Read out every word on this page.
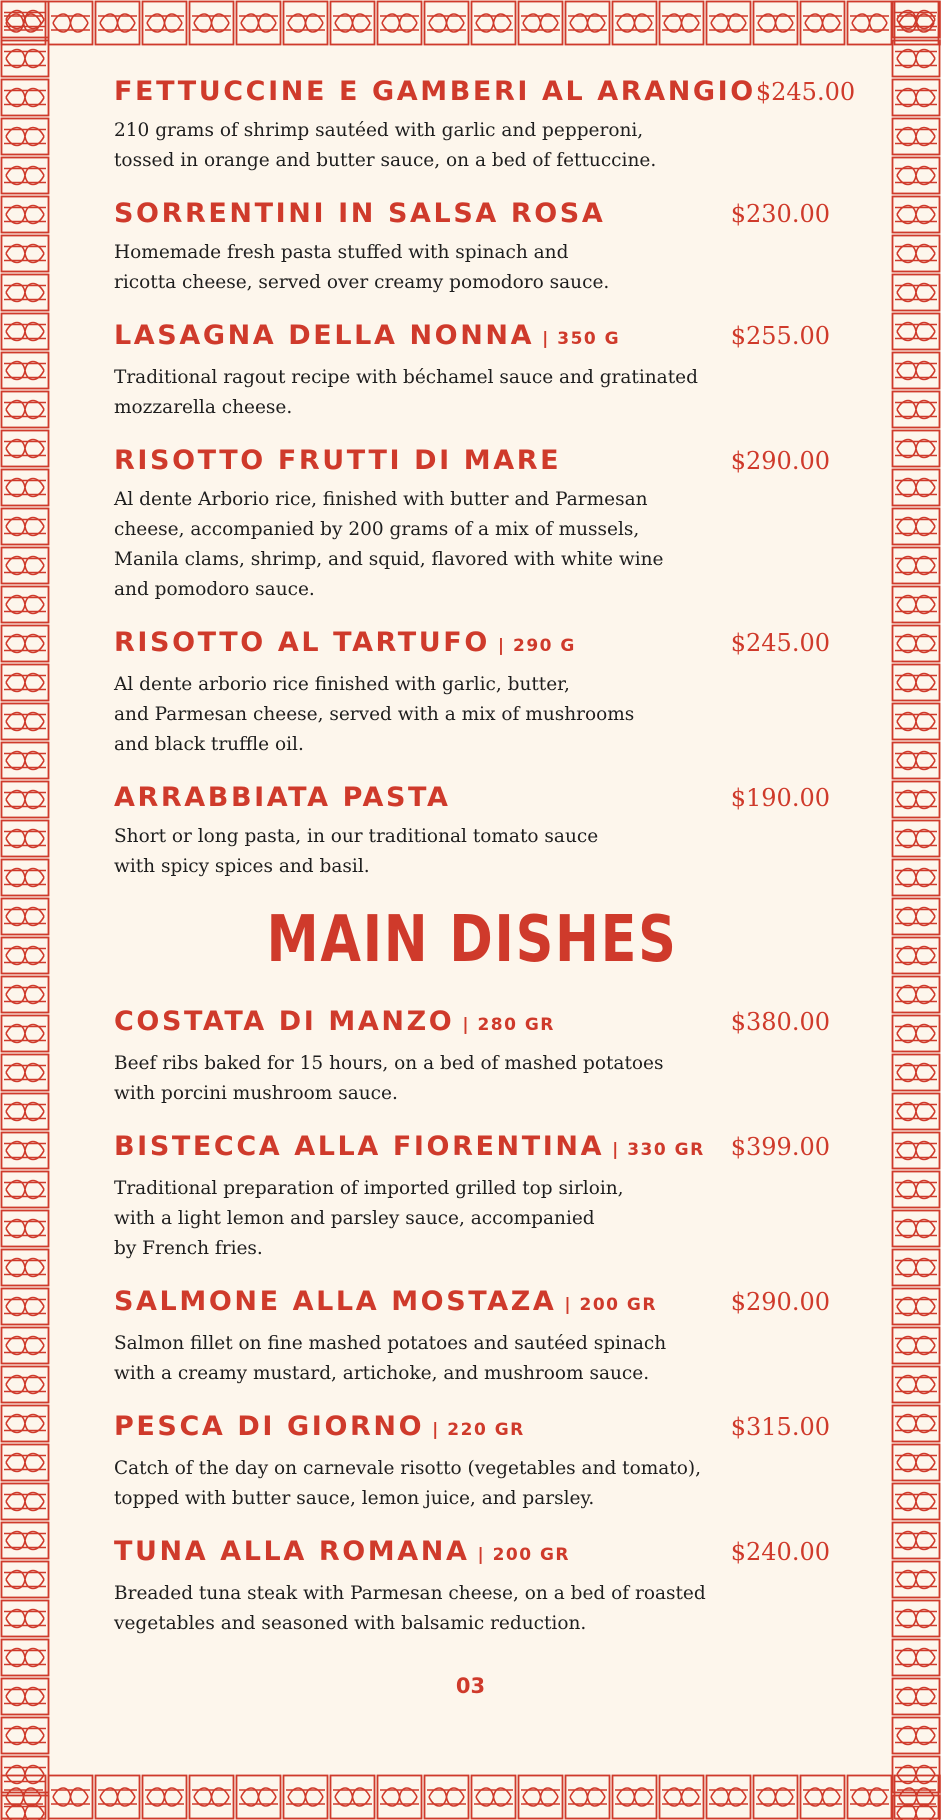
FETTUCCINE E GAMBERI AL ARANGIO $245.00

210 grams of shrimp sautéed with garlic and pepperoni,
tossed in orange and butter sauce, on a bed of fettuccine.

SORRENTINI IN SALSA ROSA	$230.00

Homemade fresh pasta stuffed with spinach and
ricotta cheese, served over creamy pomodoro sauce.

LASAGNA DELLA NONNA | 350 G	$255.00

Traditional ragout recipe with béchamel sauce and gratinated
mozzarella cheese.

RISOTTO FRUTTI DI MARE	$290.00

Al dente Arborio rice, finished with butter and Parmesan
cheese, accompanied by 200 grams of a mix of mussels,
Manila clams, shrimp, and squid, flavored with white wine
and pomodoro sauce.

RISOTTO AL TARTUFO | 290 G	$245.00

Al dente arborio rice finished with garlic, butter,
and Parmesan cheese, served with a mix of mushrooms
and black truffle oil.

ARRABBIATA PASTA	$190.00

Short or long pasta, in our traditional tomato sauce
with spicy spices and basil.

MAIN DISHES
COSTATA DI MANZO | 280 GR	$380.00

Beef ribs baked for 15 hours, on a bed of mashed potatoes
with porcini mushroom sauce.

BISTECCA ALLA FIORENTINA | 330 GR $399.00

Traditional preparation of imported grilled top sirloin,
with a light lemon and parsley sauce, accompanied
by French fries.

SALMONE ALLA MOSTAZA | 200 GR	$290.00

Salmon fillet on fine mashed potatoes and sautéed spinach
with a creamy mustard, artichoke, and mushroom sauce.

PESCA DI GIORNO | 220 GR	$315.00

Catch of the day on carnevale risotto (vegetables and tomato),
topped with butter sauce, lemon juice, and parsley.

TUNA ALLA ROMANA | 200 GR	$240.00

Breaded tuna steak with Parmesan cheese, on a bed of roasted
vegetables and seasoned with balsamic reduction.

03
